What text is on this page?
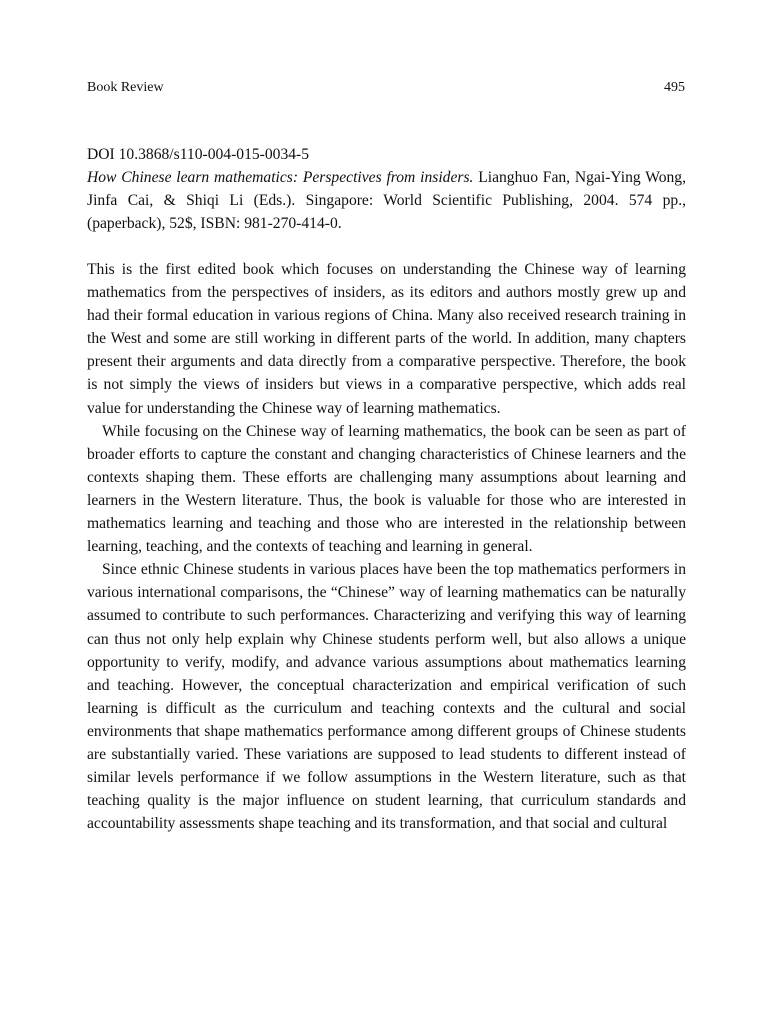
Book Review	495
DOI 10.3868/s110-004-015-0034-5
How Chinese learn mathematics: Perspectives from insiders. Lianghuo Fan, Ngai-Ying Wong, Jinfa Cai, & Shiqi Li (Eds.). Singapore: World Scientific Publishing, 2004. 574 pp., (paperback), 52$, ISBN: 981-270-414-0.

This is the first edited book which focuses on understanding the Chinese way of learning mathematics from the perspectives of insiders, as its editors and authors mostly grew up and had their formal education in various regions of China. Many also received research training in the West and some are still working in different parts of the world. In addition, many chapters present their arguments and data directly from a comparative perspective. Therefore, the book is not simply the views of insiders but views in a comparative perspective, which adds real value for understanding the Chinese way of learning mathematics.

While focusing on the Chinese way of learning mathematics, the book can be seen as part of broader efforts to capture the constant and changing characteristics of Chinese learners and the contexts shaping them. These efforts are challenging many assumptions about learning and learners in the Western literature. Thus, the book is valuable for those who are interested in mathematics learning and teaching and those who are interested in the relationship between learning, teaching, and the contexts of teaching and learning in general.

Since ethnic Chinese students in various places have been the top mathematics performers in various international comparisons, the “Chinese” way of learning mathematics can be naturally assumed to contribute to such performances. Characterizing and verifying this way of learning can thus not only help explain why Chinese students perform well, but also allows a unique opportunity to verify, modify, and advance various assumptions about mathematics learning and teaching. However, the conceptual characterization and empirical verification of such learning is difficult as the curriculum and teaching contexts and the cultural and social environments that shape mathematics performance among different groups of Chinese students are substantially varied. These variations are supposed to lead students to different instead of similar levels performance if we follow assumptions in the Western literature, such as that teaching quality is the major influence on student learning, that curriculum standards and accountability assessments shape teaching and its transformation, and that social and cultural
